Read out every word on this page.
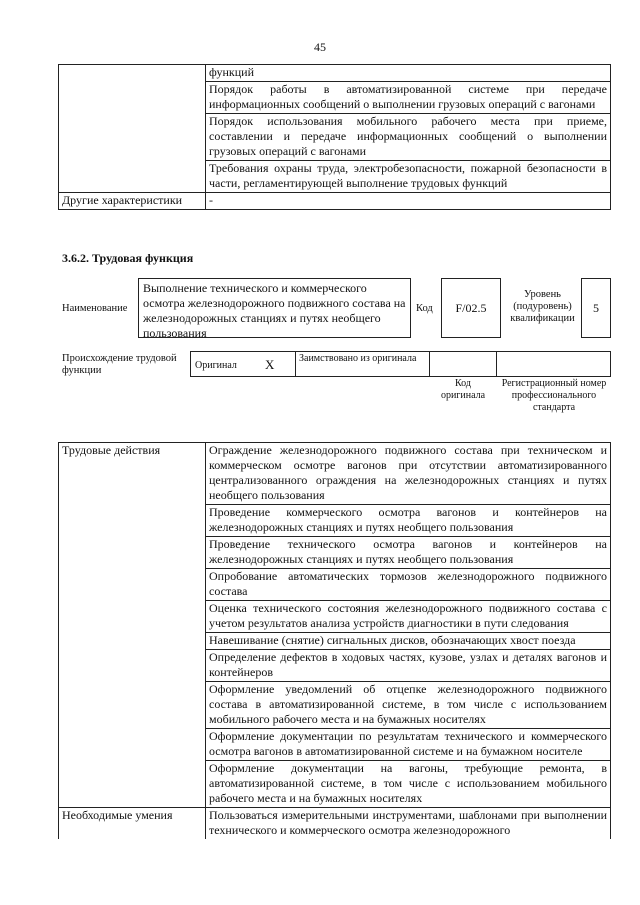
45
	функций
	Порядок работы в автоматизированной системе при передаче информационных сообщений о выполнении грузовых операций с вагонами
	Порядок использования мобильного рабочего места при приеме, составлении и передаче информационных сообщений о выполнении грузовых операций с вагонами
	Требования охраны труда, электробезопасности, пожарной безопасности в части, регламентирующей выполнение трудовых функций
Другие характеристики	-
3.6.2. Трудовая функция
Наименование
Выполнение технического и коммерческого осмотра железнодорожного подвижного состава на железнодорожных станциях и путях необщего пользования
Код	F/02.5
Уровень (подуровень) квалификации
5
Происхождение трудовой функции	Оригинал X Заимствовано из оригинала
Код оригинала
Регистрационный номер профессионального стандарта
Трудовые действия	Ограждение железнодорожного подвижного состава при техническом и коммерческом осмотре вагонов при отсутствии автоматизированного централизованного ограждения на железнодорожных станциях и путях необщего пользования
	Проведение коммерческого осмотра вагонов и контейнеров на железнодорожных станциях и путях необщего пользования
	Проведение технического осмотра вагонов и контейнеров на железнодорожных станциях и путях необщего пользования
	Опробование автоматических тормозов железнодорожного подвижного состава
	Оценка технического состояния железнодорожного подвижного состава с учетом результатов анализа устройств диагностики в пути следования
	Навешивание (снятие) сигнальных дисков, обозначающих хвост поезда
	Определение дефектов в ходовых частях, кузове, узлах и деталях вагонов и контейнеров
	Оформление уведомлений об отцепке железнодорожного подвижного состава в автоматизированной системе, в том числе с использованием мобильного рабочего места и на бумажных носителях
	Оформление документации по результатам технического и коммерческого осмотра вагонов в автоматизированной системе и на бумажном носителе
	Оформление документации на вагоны, требующие ремонта, в автоматизированной системе, в том числе с использованием мобильного рабочего места и на бумажных носителях
Необходимые умения	Пользоваться измерительными инструментами, шаблонами при выполнении технического и коммерческого осмотра железнодорожного
